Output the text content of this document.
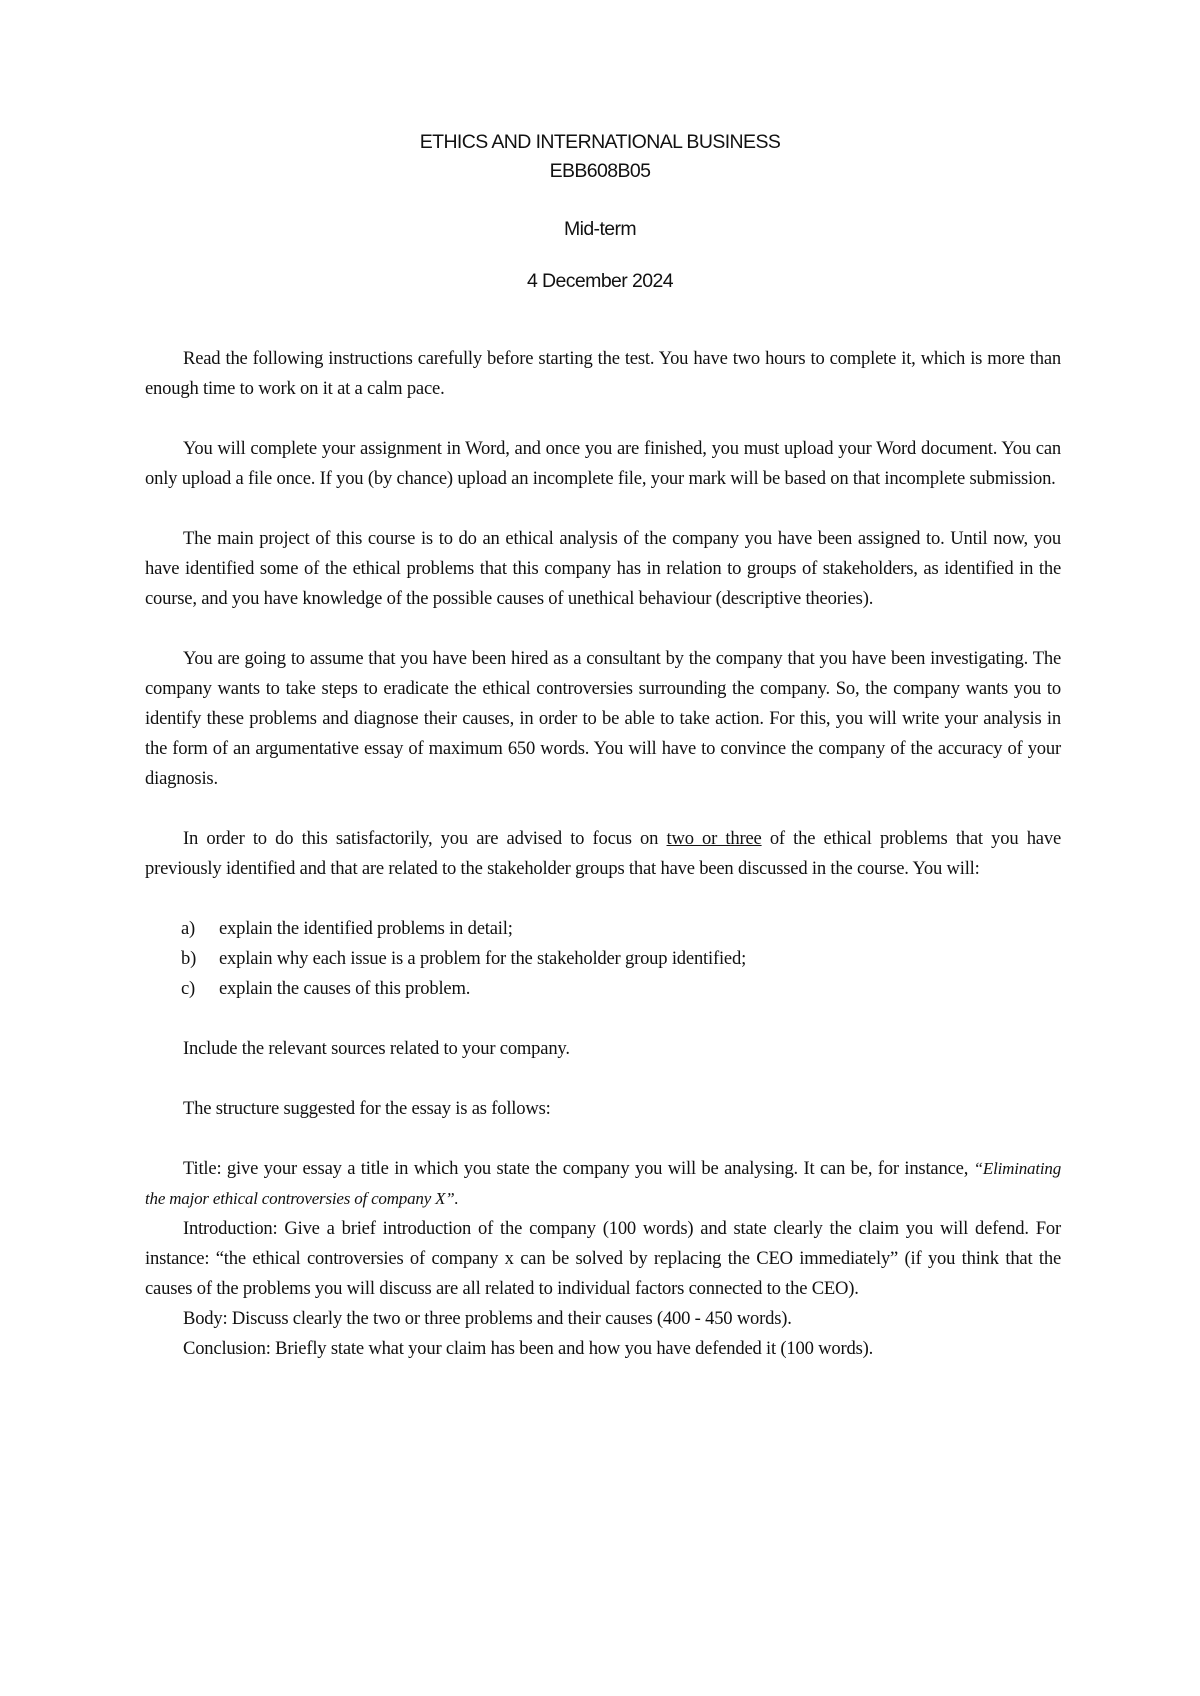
ETHICS AND INTERNATIONAL BUSINESS
EBB608B05
Mid-term
4 December 2024

Read the following instructions carefully before starting the test. You have two hours to complete it, which is more than enough time to work on it at a calm pace.

You will complete your assignment in Word, and once you are finished, you must upload your Word document. You can only upload a file once. If you (by chance) upload an incomplete file, your mark will be based on that incomplete submission.

The main project of this course is to do an ethical analysis of the company you have been assigned to. Until now, you have identified some of the ethical problems that this company has in relation to groups of stakeholders, as identified in the course, and you have knowledge of the possible causes of unethical behaviour (descriptive theories).

You are going to assume that you have been hired as a consultant by the company that you have been investigating. The company wants to take steps to eradicate the ethical controversies surrounding the company. So, the company wants you to identify these problems and diagnose their causes, in order to be able to take action. For this, you will write your analysis in the form of an argumentative essay of maximum 650 words. You will have to convince the company of the accuracy of your diagnosis.

In order to do this satisfactorily, you are advised to focus on two or three of the ethical problems that you have previously identified and that are related to the stakeholder groups that have been discussed in the course. You will:

a)	explain the identified problems in detail;
b)	explain why each issue is a problem for the stakeholder group identified;
c)	explain the causes of this problem.

Include the relevant sources related to your company.

The structure suggested for the essay is as follows:

Title: give your essay a title in which you state the company you will be analysing. It can be, for instance, “Eliminating the major ethical controversies of company X”.

Introduction: Give a brief introduction of the company (100 words) and state clearly the claim you will defend. For instance: “the ethical controversies of company x can be solved by replacing the CEO immediately” (if you think that the causes of the problems you will discuss are all related to individual factors connected to the CEO).

Body: Discuss clearly the two or three problems and their causes (400 - 450 words).

Conclusion: Briefly state what your claim has been and how you have defended it (100 words).
